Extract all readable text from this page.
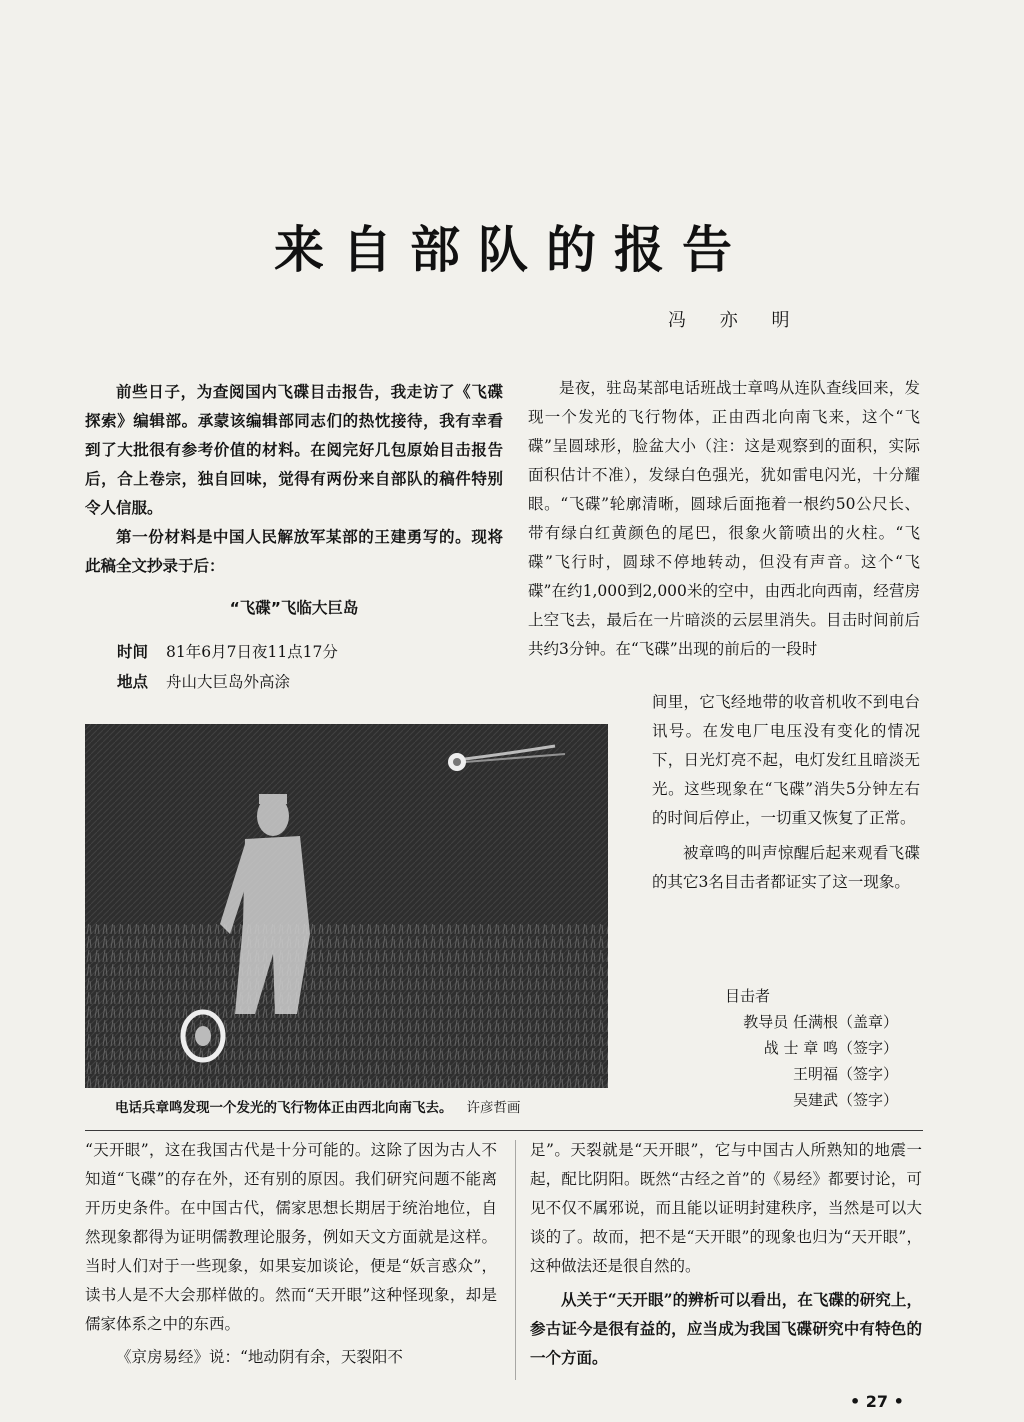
来自部队的报告
冯 亦 明

前些日子，为查阅国内飞碟目击报告，我走访了《飞碟探索》编辑部。承蒙该编辑部同志们的热忱接待，我有幸看到了大批很有参考价值的材料。在阅完好几包原始目击报告后，合上卷宗，独自回味，觉得有两份来自部队的稿件特别令人信服。

第一份材料是中国人民解放军某部的王建勇写的。现将此稿全文抄录于后：

“飞碟”飞临大巨岛
时间 81年6月7日夜11点17分
地点 舟山大巨岛外高涂
是夜，驻岛某部电话班战士章鸣从连队查线回来，发现一个发光的飞行物体，正由西北向南飞来，这个“飞碟”呈圆球形，脸盆大小（注：这是观察到的面积，实际面积估计不准），发绿白色强光，犹如雷电闪光，十分耀眼。“飞碟”轮廓清晰，圆球后面拖着一根约50公尺长、带有绿白红黄颜色的尾巴，很象火箭喷出的火柱。“飞碟”飞行时，圆球不停地转动，但没有声音。这个“飞碟”在约1,000到2,000米的空中，由西北向西南，经营房上空飞去，最后在一片暗淡的云层里消失。目击时间前后共约3分钟。在“飞碟”出现的前后的一段时

间里，它飞经地带的收音机收不到电台讯号。在发电厂电压没有变化的情况下，日光灯亮不起，电灯发红且暗淡无光。这些现象在“飞碟”消失5分钟左右的时间后停止，一切重又恢复了正常。

被章鸣的叫声惊醒后起来观看飞碟的其它3名目击者都证实了这一现象。

目击者
教导员 任满根（盖章）
战 士 章 鸣（签字）
王明福（签字）
吴建武（签字）
电话兵章鸣发现一个发光的飞行物体正由西北向南飞去。 许彦哲画

“天开眼”，这在我国古代是十分可能的。这除了因为古人不知道“飞碟”的存在外，还有别的原因。我们研究问题不能离开历史条件。在中国古代，儒家思想长期居于统治地位，自然现象都得为证明儒教理论服务，例如天文方面就是这样。当时人们对于一些现象，如果妄加谈论，便是“妖言惑众”，读书人是不大会那样做的。然而“天开眼”这种怪现象，却是儒家体系之中的东西。

《京房易经》说：“地动阴有余，天裂阳不

足”。天裂就是“天开眼”，它与中国古人所熟知的地震一起，配比阴阳。既然“古经之首”的《易经》都要讨论，可见不仅不属邪说，而且能以证明封建秩序，当然是可以大谈的了。故而，把不是“天开眼”的现象也归为“天开眼”，这种做法还是很自然的。

从关于“天开眼”的辨析可以看出，在飞碟的研究上，参古证今是很有益的，应当成为我国飞碟研究中有特色的一个方面。

• 27 •
